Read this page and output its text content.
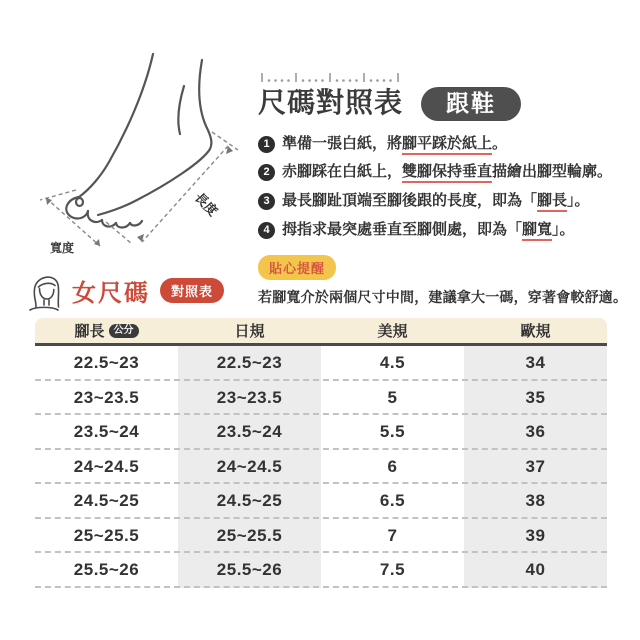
長度
寬度
尺碼對照表	跟鞋
1 準備一張白紙，將腳平踩於紙上。
2 赤腳踩在白紙上，雙腳保持垂直描繪出腳型輪廓。
3 最長腳趾頂端至腳後跟的長度，即為「腳長」。
4 拇指求最突處垂直至腳側處，即為「腳寬」。
貼心提醒
若腳寬介於兩個尺寸中間，建議拿大一碼，穿著會較舒適。
女尺碼	對照表
腳長 公分	日規	美規	歐規
22.5~23	22.5~23	4.5	34
23~23.5	23~23.5	5	35
23.5~24	23.5~24	5.5	36
24~24.5	24~24.5	6	37
24.5~25	24.5~25	6.5	38
25~25.5	25~25.5	7	39
25.5~26	25.5~26	7.5	40
